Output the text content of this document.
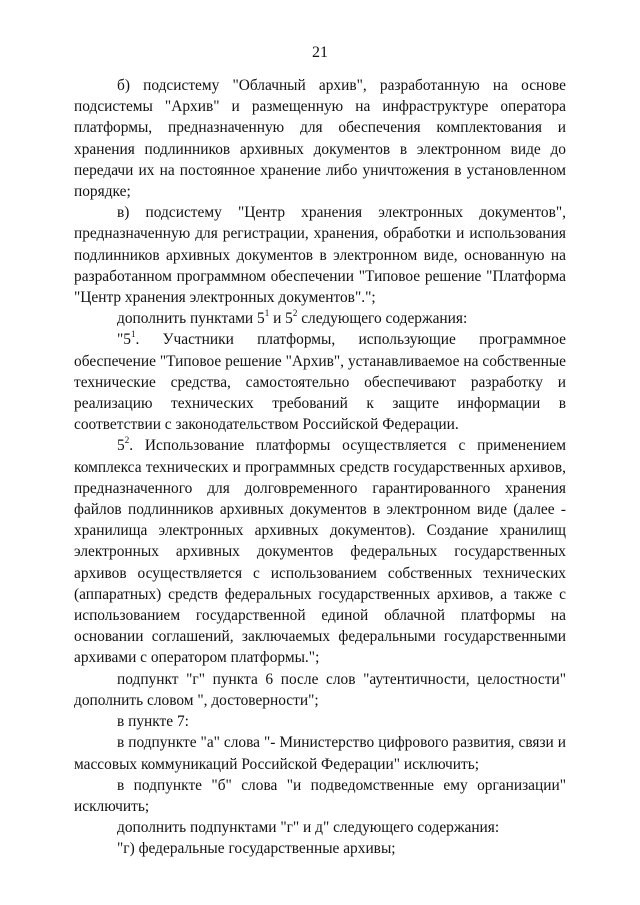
21

б) подсистему "Облачный архив", разработанную на основе подсистемы "Архив" и размещенную на инфраструктуре оператора платформы, предназначенную для обеспечения комплектования и хранения подлинников архивных документов в электронном виде до передачи их на постоянное хранение либо уничтожения в установленном порядке;

в) подсистему "Центр хранения электронных документов", предназначенную для регистрации, хранения, обработки и использования подлинников архивных документов в электронном виде, основанную на разработанном программном обеспечении "Типовое решение "Платформа "Центр хранения электронных документов".";

дополнить пунктами $5^1$ и $5^2$ следующего содержания:

"$5^1$. Участники платформы, использующие программное обеспечение "Типовое решение "Архив", устанавливаемое на собственные технические средства, самостоятельно обеспечивают разработку и реализацию технических требований к защите информации в соответствии с законодательством Российской Федерации.

$5^2$. Использование платформы осуществляется с применением комплекса технических и программных средств государственных архивов, предназначенного для долговременного гарантированного хранения файлов подлинников архивных документов в электронном виде (далее - хранилища электронных архивных документов). Создание хранилищ электронных архивных документов федеральных государственных архивов осуществляется с использованием собственных технических (аппаратных) средств федеральных государственных архивов, а также с использованием государственной единой облачной платформы на основании соглашений, заключаемых федеральными государственными архивами с оператором платформы.";

подпункт "г" пункта 6 после слов "аутентичности, целостности" дополнить словом ", достоверности";

в пункте 7:

в подпункте "а" слова "- Министерство цифрового развития, связи и массовых коммуникаций Российской Федерации" исключить;

в подпункте "б" слова "и подведомственные ему организации" исключить;

дополнить подпунктами "г" и д" следующего содержания:

"г) федеральные государственные архивы;
